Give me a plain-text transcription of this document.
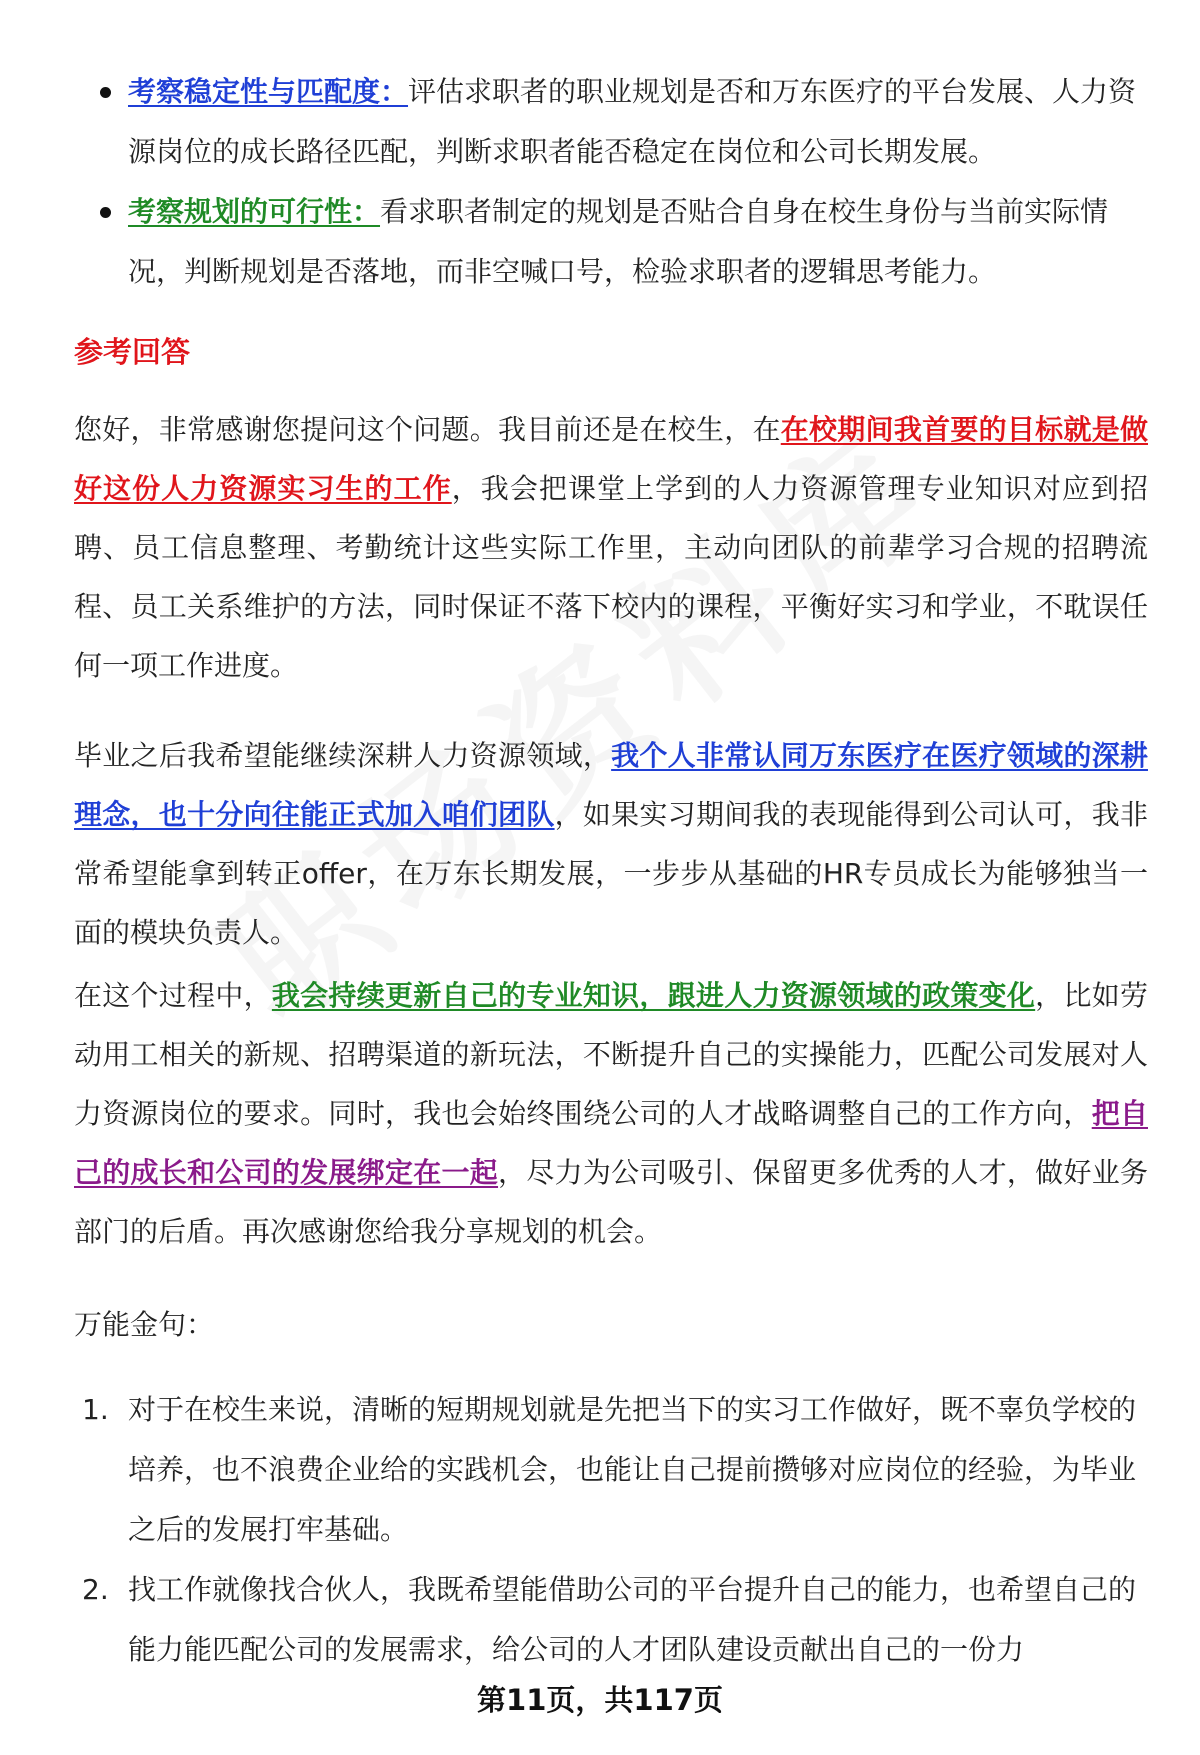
考察稳定性与匹配度：评估求职者的职业规划是否和万东医疗的平台发展、人力资源岗位的成长路径匹配，判断求职者能否稳定在岗位和公司长期发展。
考察规划的可行性：看求职者制定的规划是否贴合自身在校生身份与当前实际情况，判断规划是否落地，而非空喊口号，检验求职者的逻辑思考能力。
参考回答

您好，非常感谢您提问这个问题。我目前还是在校生，在在校期间我首要的目标就是做好这份人力资源实习生的工作，我会把课堂上学到的人力资源管理专业知识对应到招聘、员工信息整理、考勤统计这些实际工作里，主动向团队的前辈学习合规的招聘流程、员工关系维护的方法，同时保证不落下校内的课程，平衡好实习和学业，不耽误任何一项工作进度。

毕业之后我希望能继续深耕人力资源领域，我个人非常认同万东医疗在医疗领域的深耕理念，也十分向往能正式加入咱们团队，如果实习期间我的表现能得到公司认可，我非常希望能拿到转正offer，在万东长期发展，一步步从基础的HR专员成长为能够独当一面的模块负责人。

在这个过程中，我会持续更新自己的专业知识，跟进人力资源领域的政策变化，比如劳动用工相关的新规、招聘渠道的新玩法，不断提升自己的实操能力，匹配公司发展对人力资源岗位的要求。同时，我也会始终围绕公司的人才战略调整自己的工作方向，把自己的成长和公司的发展绑定在一起，尽力为公司吸引、保留更多优秀的人才，做好业务部门的后盾。再次感谢您给我分享规划的机会。

万能金句：

1. 对于在校生来说，清晰的短期规划就是先把当下的实习工作做好，既不辜负学校的培养，也不浪费企业给的实践机会，也能让自己提前攒够对应岗位的经验，为毕业之后的发展打牢基础。
2. 找工作就像找合伙人，我既希望能借助公司的平台提升自己的能力，也希望自己的能力能匹配公司的发展需求，给公司的人才团队建设贡献出自己的一份力
第11页，共117页
